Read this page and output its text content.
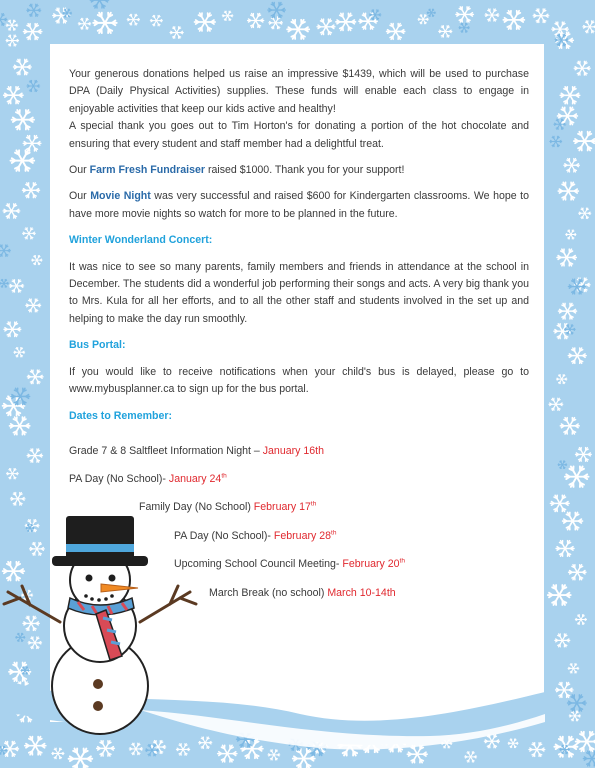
Your generous donations helped us raise an impressive $1439, which will be used to purchase DPA (Daily Physical Activities) supplies. These funds will enable each class to engage in enjoyable activities that keep our kids active and healthy!

A special thank you goes out to Tim Horton's for donating a portion of the hot chocolate and ensuring that every student and staff member had a delightful treat.

Our Farm Fresh Fundraiser raised $1000. Thank you for your support!

Our Movie Night was very successful and raised $600 for Kindergarten classrooms. We hope to have more movie nights so watch for more to be planned in the future.

Winter Wonderland Concert:

It was nice to see so many parents, family members and friends in attendance at the school in December. The students did a wonderful job performing their songs and acts. A very big thank you to Mrs. Kula for all her efforts, and to all the other staff and students involved in the set up and helping to make the day run smoothly.

Bus Portal:

If you would like to receive notifications when your child's bus is delayed, please go to www.mybusplanner.ca to sign up for the bus portal.

Dates to Remember:

Grade 7 & 8 Saltfleet Information Night – January 16th
PA Day (No School)- January 24th
Family Day (No School) February 17th
PA Day (No School)- February 28th
Upcoming School Council Meeting- February 20th
March Break (no school) March 10-14th
